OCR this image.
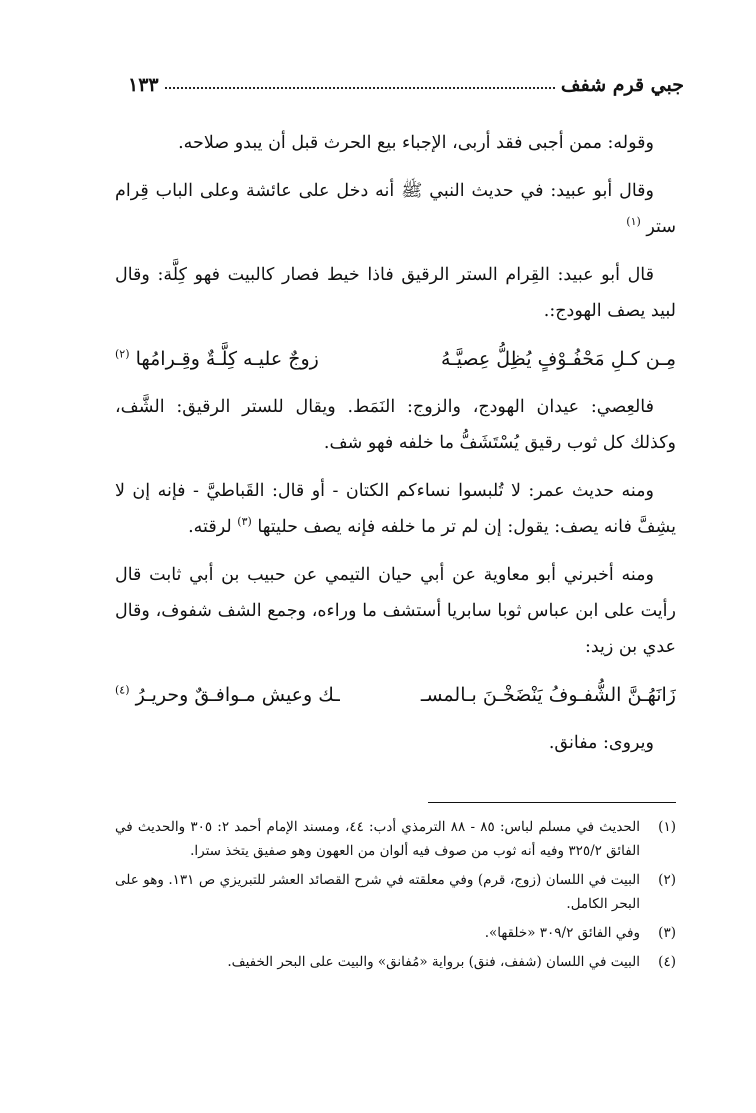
جبي قرم شفف
١٣٣

وقوله: ممن أجبى فقد أربى، الإجباء بيع الحرث قبل أن يبدو صلاحه.

وقال أبو عبيد: في حديث النبي ﷺ أنه دخل على عائشة وعلى الباب قِرام ستر $^{(١)}$

قال أبو عبيد: القِرام الستر الرقيق فاذا خيط فصار كالبيت فهو كِلَّة: وقال لبيد يصف الهودج:.

مِـن كـلِ مَحْفُـوْفٍ يُظِلُّ عِصيَّـهُ
زوجٌ عليـه كِلَّـةٌ وقِـرامُها $^{(٢)}$

فالعِصي: عيدان الهودج، والزوج: النَمَط. ويقال للستر الرقيق: الشَّف، وكذلك كل ثوب رقيق يُسْتَشَفُّ ما خلفه فهو شف.

ومنه حديث عمر: لا تُلبسوا نساءكم الكتان - أو قال: القَباطيَّ - فإنه إن لا يشِفَّ فانه يصف: يقول: إن لم تر ما خلفه فإنه يصف حليتها $^{(٣)}$ لرقته.

ومنه أخبرني أبو معاوية عن أبي حيان التيمي عن حبيب بن أبي ثابت قال رأيت على ابن عباس ثوبا سابريا أستشف ما وراءه، وجمع الشف شفوف، وقال عدي بن زيد:

زَانَهُـنَّ الشُّفـوفُ يَنْضَخْـنَ بـالمسـ
ـك وعيش مـوافـقٌ وحريـرُ $^{(٤)}$

ويروى: مفانق.

(١)
الحديث في مسلم لباس: ٨٥ - ٨٨ الترمذي أدب: ٤٤، ومسند الإمام أحمد ٢: ٣٠٥ والحديث في الفائق ٣٢٥/٢ وفيه أنه ثوب من صوف فيه ألوان من العهون وهو صفيق يتخذ سترا.
(٢)
البيت في اللسان (زوج، قرم) وفي معلقته في شرح القصائد العشر للتبريزي ص ١٣١. وهو على البحر الكامل.
(٣)
وفي الفائق ٣٠٩/٢ «خلقها».
(٤)
البيت في اللسان (شفف، فنق) برواية «مُفانق» والبيت على البحر الخفيف.
